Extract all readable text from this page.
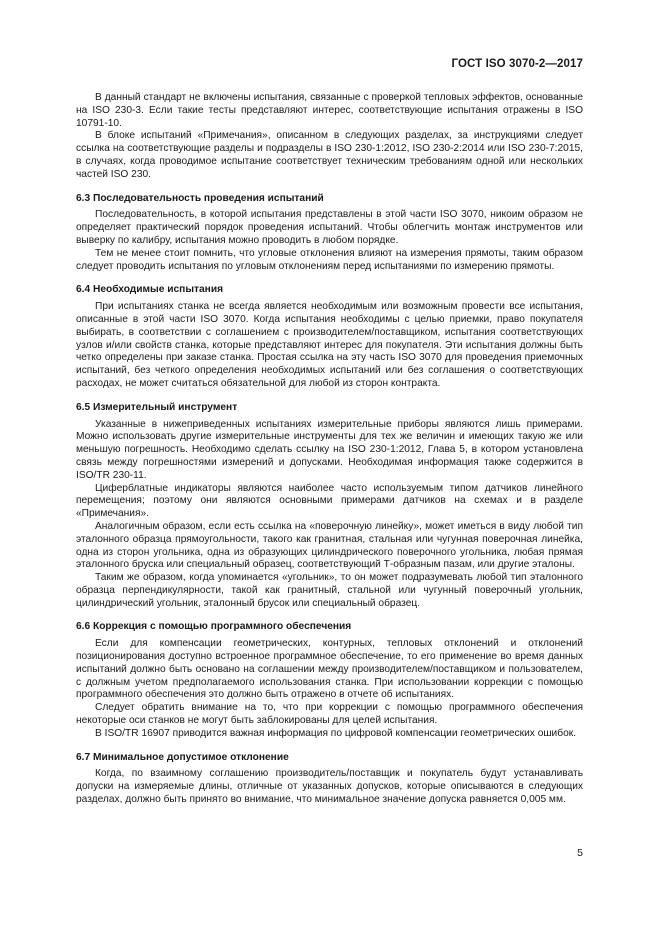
ГОСТ ISO 3070-2—2017

В данный стандарт не включены испытания, связанные с проверкой тепловых эффектов, основанные на ISO 230-3. Если такие тесты представляют интерес, соответствующие испытания отражены в ISO 10791-10.

В блоке испытаний «Примечания», описанном в следующих разделах, за инструкциями следует ссылка на соответствующие разделы и подразделы в ISO 230-1:2012, ISO 230-2:2014 или ISO 230-7:2015, в случаях, когда проводимое испытание соответствует техническим требованиям одной или нескольких частей ISO 230.

6.3 Последовательность проведения испытаний

Последовательность, в которой испытания представлены в этой части ISO 3070, никоим образом не определяет практический порядок проведения испытаний. Чтобы облегчить монтаж инструментов или выверку по калибру, испытания можно проводить в любом порядке.

Тем не менее стоит помнить, что угловые отклонения влияют на измерения прямоты, таким образом следует проводить испытания по угловым отклонениям перед испытаниями по измерению прямоты.

6.4 Необходимые испытания

При испытаниях станка не всегда является необходимым или возможным провести все испытания, описанные в этой части ISO 3070. Когда испытания необходимы с целью приемки, право покупателя выбирать, в соответствии с соглашением с производителем/поставщиком, испытания соответствующих узлов и/или свойств станка, которые представляют интерес для покупателя. Эти испытания должны быть четко определены при заказе станка. Простая ссылка на эту часть ISO 3070 для проведения приемочных испытаний, без четкого определения необходимых испытаний или без соглашения о соответствующих расходах, не может считаться обязательной для любой из сторон контракта.

6.5 Измерительный инструмент

Указанные в нижеприведенных испытаниях измерительные приборы являются лишь примерами. Можно использовать другие измерительные инструменты для тех же величин и имеющих такую же или меньшую погрешность. Необходимо сделать ссылку на ISO 230-1:2012, Глава 5, в котором установлена связь между погрешностями измерений и допусками. Необходимая информация также содержится в ISO/TR 230-11.

Циферблатные индикаторы являются наиболее часто используемым типом датчиков линейного перемещения; поэтому они являются основными примерами датчиков на схемах и в разделе «Примечания».

Аналогичным образом, если есть ссылка на «поверочную линейку», может иметься в виду любой тип эталонного образца прямоугольности, такого как гранитная, стальная или чугунная поверочная линейка, одна из сторон угольника, одна из образующих цилиндрического поверочного угольника, любая прямая эталонного бруска или специальный образец, соответствующий Т-образным пазам, или другие эталоны.

Таким же образом, когда упоминается «угольник», то он может подразумевать любой тип эталонного образца перпендикулярности, такой как гранитный, стальной или чугунный поверочный угольник, цилиндрический угольник, эталонный брусок или специальный образец.

6.6 Коррекция с помощью программного обеспечения

Если для компенсации геометрических, контурных, тепловых отклонений и отклонений позиционирования доступно встроенное программное обеспечение, то его применение во время данных испытаний должно быть основано на соглашении между производителем/поставщиком и пользователем, с должным учетом предполагаемого использования станка. При использовании коррекции с помощью программного обеспечения это должно быть отражено в отчете об испытаниях.

Следует обратить внимание на то, что при коррекции с помощью программного обеспечения некоторые оси станков не могут быть заблокированы для целей испытания.

В ISO/TR 16907 приводится важная информация по цифровой компенсации геометрических ошибок.

6.7 Минимальное допустимое отклонение

Когда, по взаимному соглашению производитель/поставщик и покупатель будут устанавливать допуски на измеряемые длины, отличные от указанных допусков, которые описываются в следующих разделах, должно быть принято во внимание, что минимальное значение допуска равняется 0,005 мм.

5
